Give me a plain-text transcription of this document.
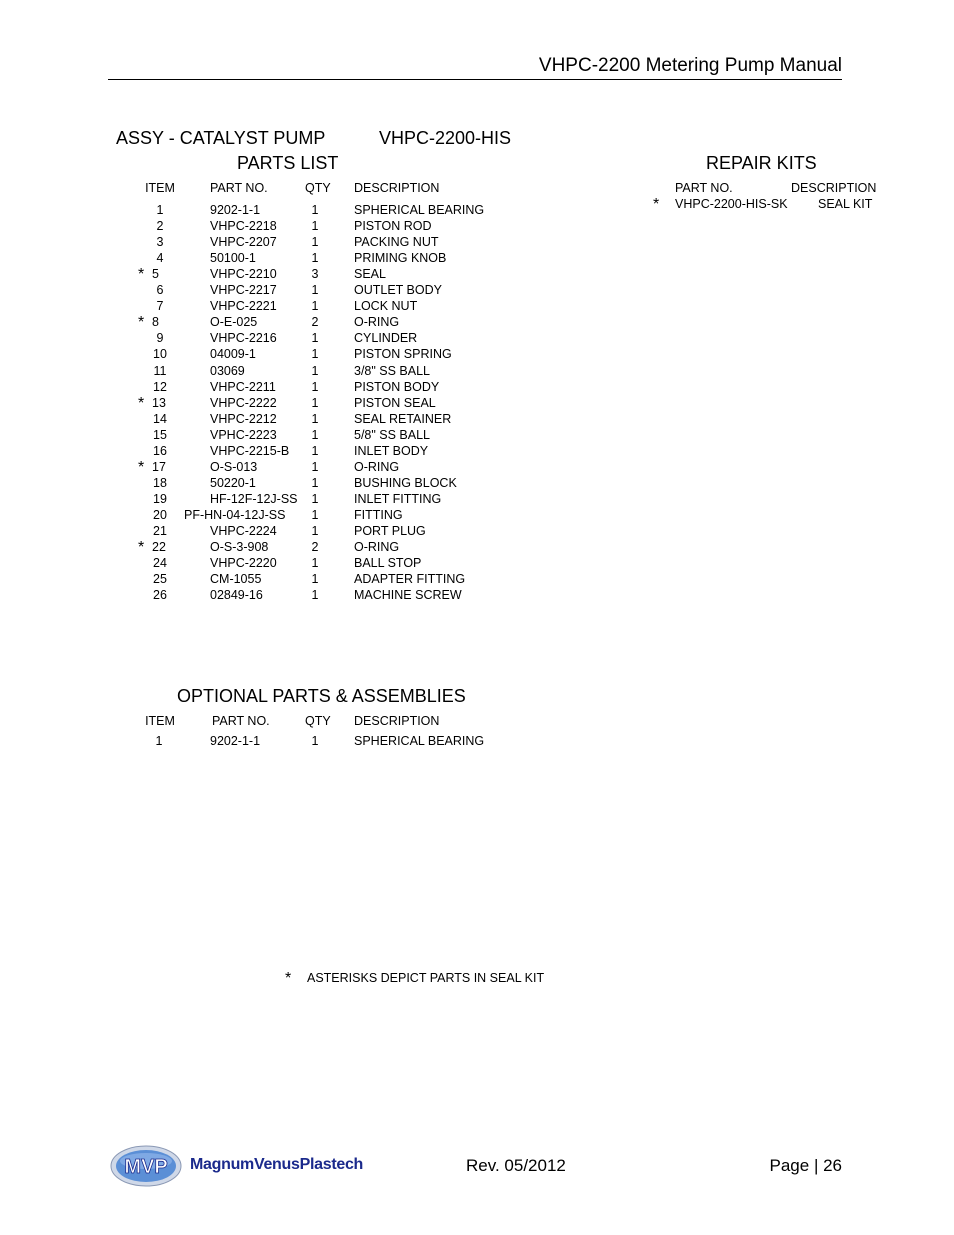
VHPC-2200 Metering Pump Manual
ASSY - CATALYST PUMP	VHPC-2200-HIS
PARTS LIST
ITEM	PART NO.	QTY DESCRIPTION
1	9202-1-1	1	SPHERICAL BEARING
2	VHPC-2218	1	PISTON ROD
3	VHPC-2207	1	PACKING NUT
4	50100-1	1	PRIMING KNOB
* 5	VHPC-2210	3	SEAL
6	VHPC-2217	1	OUTLET BODY
7	VHPC-2221	1	LOCK NUT
* 8	O-E-025	2	O-RING
9	VHPC-2216	1	CYLINDER
10	04009-1	1	PISTON SPRING
11	03069	1	3/8" SS BALL
12	VHPC-2211	1	PISTON BODY
* 13	VHPC-2222	1	PISTON SEAL
14	VHPC-2212	1	SEAL RETAINER
15	VPHC-2223	1	5/8" SS BALL
16	VHPC-2215-B	1	INLET BODY
* 17	O-S-013	1	O-RING
18	50220-1	1	BUSHING BLOCK
19	HF-12F-12J-SS	1	INLET FITTING
20	PF-HN-04-12J-SS	1	FITTING
21	VHPC-2224	1	PORT PLUG
* 22	O-S-3-908	2	O-RING
24	VHPC-2220	1	BALL STOP
25	CM-1055	1	ADAPTER FITTING
26	02849-16	1	MACHINE SCREW
REPAIR KITS
PART NO.	DESCRIPTION
* VHPC-2200-HIS-SK SEAL KIT
OPTIONAL PARTS & ASSEMBLIES
ITEM	PART NO.	QTY DESCRIPTION
1	9202-1-1	1	SPHERICAL BEARING
* ASTERISKS DEPICT PARTS IN SEAL KIT
MVP MagnumVenusPlastech	Rev. 05/2012	Page | 26
